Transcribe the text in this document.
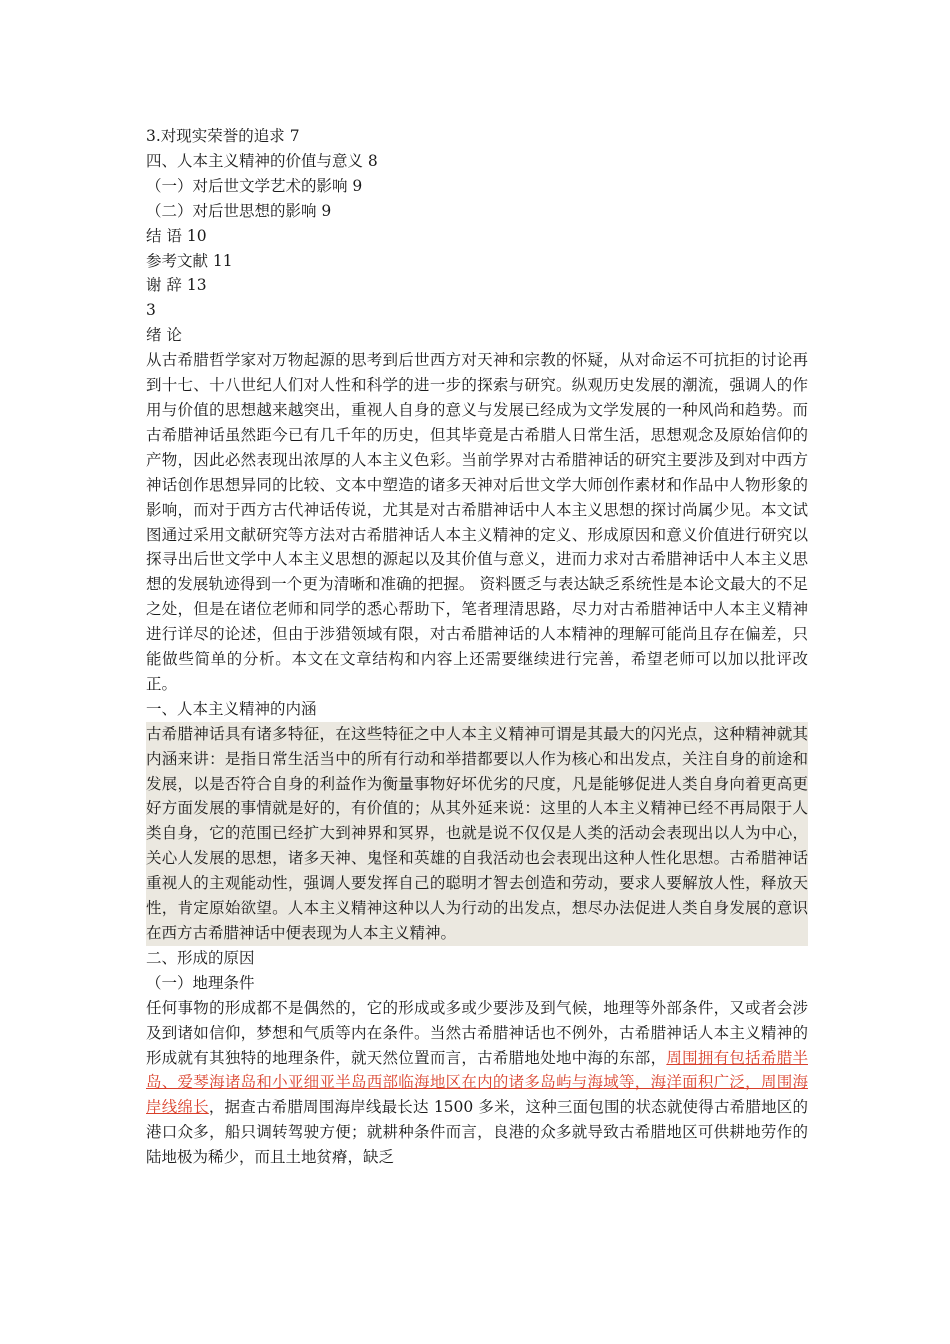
3.对现实荣誉的追求 7
四、人本主义精神的价值与意义 8
（一）对后世文学艺术的影响 9
（二）对后世思想的影响 9
结 语 10
参考文献 11
谢 辞 13
3
绪 论
从古希腊哲学家对万物起源的思考到后世西方对天神和宗教的怀疑，从对命运不可抗拒的讨论再到十七、十八世纪人们对人性和科学的进一步的探索与研究。纵观历史发展的潮流，强调人的作用与价值的思想越来越突出，重视人自身的意义与发展已经成为文学发展的一种风尚和趋势。而古希腊神话虽然距今已有几千年的历史，但其毕竟是古希腊人日常生活，思想观念及原始信仰的产物，因此必然表现出浓厚的人本主义色彩。当前学界对古希腊神话的研究主要涉及到对中西方神话创作思想异同的比较、文本中塑造的诸多天神对后世文学大师创作素材和作品中人物形象的影响，而对于西方古代神话传说，尤其是对古希腊神话中人本主义思想的探讨尚属少见。本文试图通过采用文献研究等方法对古希腊神话人本主义精神的定义、形成原因和意义价值进行研究以探寻出后世文学中人本主义思想的源起以及其价值与意义，进而力求对古希腊神话中人本主义思想的发展轨迹得到一个更为清晰和准确的把握。 资料匮乏与表达缺乏系统性是本论文最大的不足之处，但是在诸位老师和同学的悉心帮助下，笔者理清思路，尽力对古希腊神话中人本主义精神进行详尽的论述，但由于涉猎领域有限，对古希腊神话的人本精神的理解可能尚且存在偏差，只能做些简单的分析。本文在文章结构和内容上还需要继续进行完善，希望老师可以加以批评改正。
一、人本主义精神的内涵
古希腊神话具有诸多特征，在这些特征之中人本主义精神可谓是其最大的闪光点，这种精神就其内涵来讲：是指日常生活当中的所有行动和举措都要以人作为核心和出发点，关注自身的前途和发展，以是否符合自身的利益作为衡量事物好坏优劣的尺度，凡是能够促进人类自身向着更高更好方面发展的事情就是好的，有价值的；从其外延来说：这里的人本主义精神已经不再局限于人类自身，它的范围已经扩大到神界和冥界，也就是说不仅仅是人类的活动会表现出以人为中心，关心人发展的思想，诸多天神、鬼怪和英雄的自我活动也会表现出这种人性化思想。古希腊神话重视人的主观能动性，强调人要发挥自己的聪明才智去创造和劳动，要求人要解放人性，释放天性，肯定原始欲望。人本主义精神这种以人为行动的出发点，想尽办法促进人类自身发展的意识在西方古希腊神话中便表现为人本主义精神。
二、形成的原因
（一）地理条件
任何事物的形成都不是偶然的，它的形成或多或少要涉及到气候，地理等外部条件，又或者会涉及到诸如信仰，梦想和气质等内在条件。当然古希腊神话也不例外，古希腊神话人本主义精神的形成就有其独特的地理条件，就天然位置而言，古希腊地处地中海的东部，周围拥有包括希腊半岛、爱琴海诸岛和小亚细亚半岛西部临海地区在内的诸多岛屿与海域等，海洋面积广泛，周围海岸线绵长，据查古希腊周围海岸线最长达 1500 多米，这种三面包围的状态就使得古希腊地区的港口众多，船只调转驾驶方便；就耕种条件而言，良港的众多就导致古希腊地区可供耕地劳作的陆地极为稀少，而且土地贫瘠，缺乏
